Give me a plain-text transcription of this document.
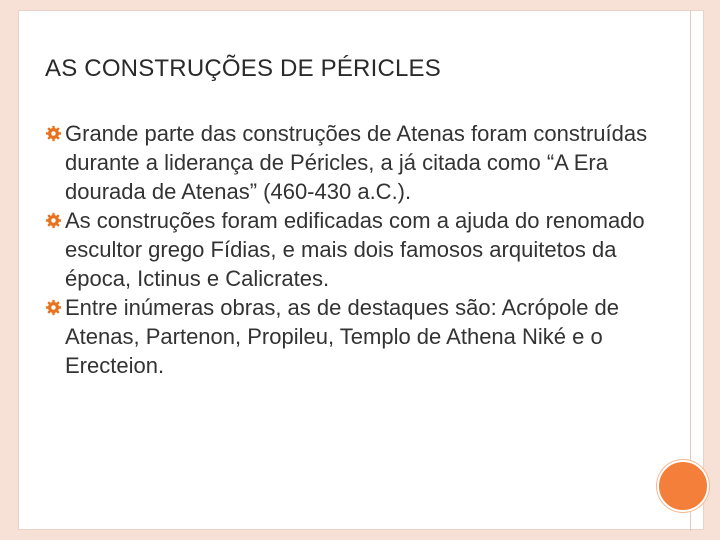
AS CONSTRUÇÕES DE PÉRICLES
Grande parte das construções de Atenas foram construídas durante a liderança de Péricles, a já citada como “A Era dourada de Atenas” (460-430 a.C.).
As construções foram edificadas com a ajuda do renomado escultor grego Fídias, e mais dois famosos arquitetos da época, Ictinus e Calicrates.
Entre inúmeras obras, as de destaques são: Acrópole de Atenas, Partenon, Propileu, Templo de Athena Niké e o Erecteion.
